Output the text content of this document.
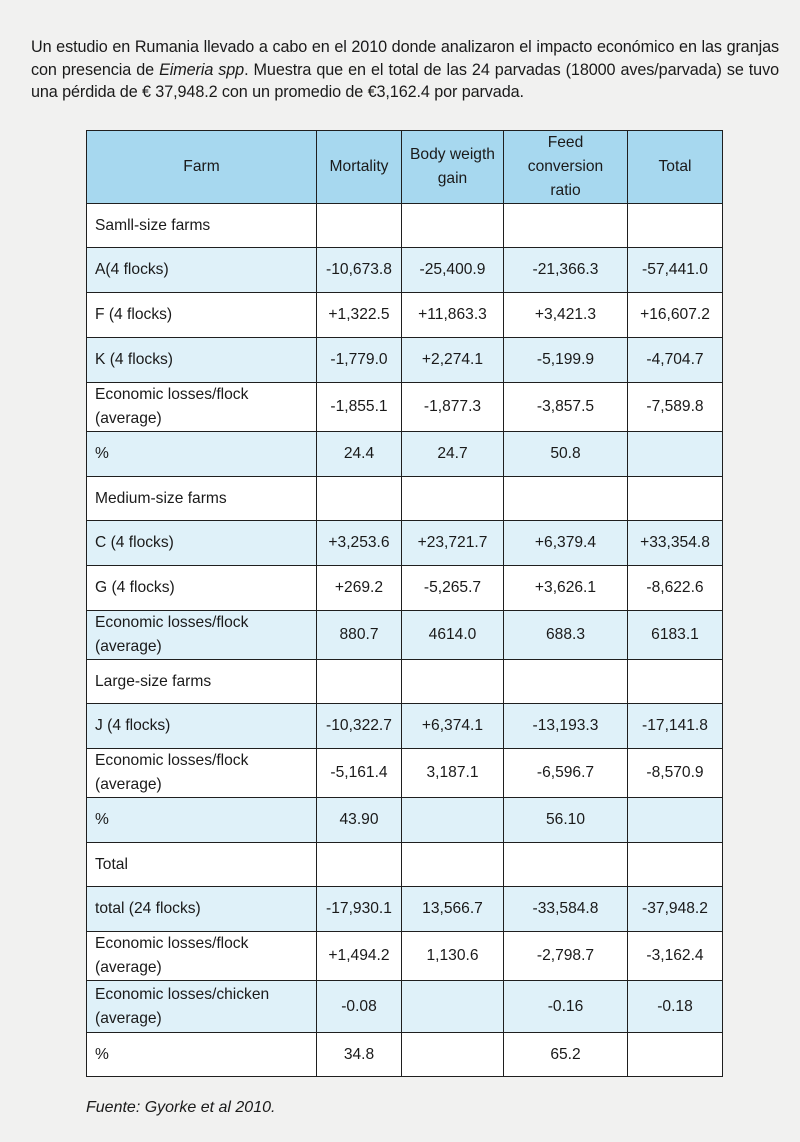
Un estudio en Rumania llevado a cabo en el 2010 donde analizaron el impacto económico en las granjas con presencia de Eimeria spp. Muestra que en el total de las 24 parvadas (18000 aves/parvada) se tuvo una pérdida de € 37,948.2 con un promedio de €3,162.4 por parvada.

Farm	Mortality	Body weigth gain	Feed conversion ratio	Total
Samll-size farms				
A(4 flocks)	-10,673.8	-25,400.9	-21,366.3	-57,441.0
F (4 flocks)	+1,322.5	+11,863.3	+3,421.3	+16,607.2
K (4 flocks)	-1,779.0	+2,274.1	-5,199.9	-4,704.7
Economic losses/flock (average)	-1,855.1	-1,877.3	-3,857.5	-7,589.8
%	24.4	24.7	50.8	
Medium-size farms				
C (4 flocks)	+3,253.6	+23,721.7	+6,379.4	+33,354.8
G (4 flocks)	+269.2	-5,265.7	+3,626.1	-8,622.6
Economic losses/flock (average)	880.7	4614.0	688.3	6183.1
Large-size farms				
J (4 flocks)	-10,322.7	+6,374.1	-13,193.3	-17,141.8
Economic losses/flock (average)	-5,161.4	3,187.1	-6,596.7	-8,570.9
%	43.90		56.10	
Total				
total (24 flocks)	-17,930.1	13,566.7	-33,584.8	-37,948.2
Economic losses/flock (average)	+1,494.2	1,130.6	-2,798.7	-3,162.4
Economic losses/chicken (average)	-0.08		-0.16	-0.18
%	34.8		65.2	
Fuente: Gyorke et al 2010.
